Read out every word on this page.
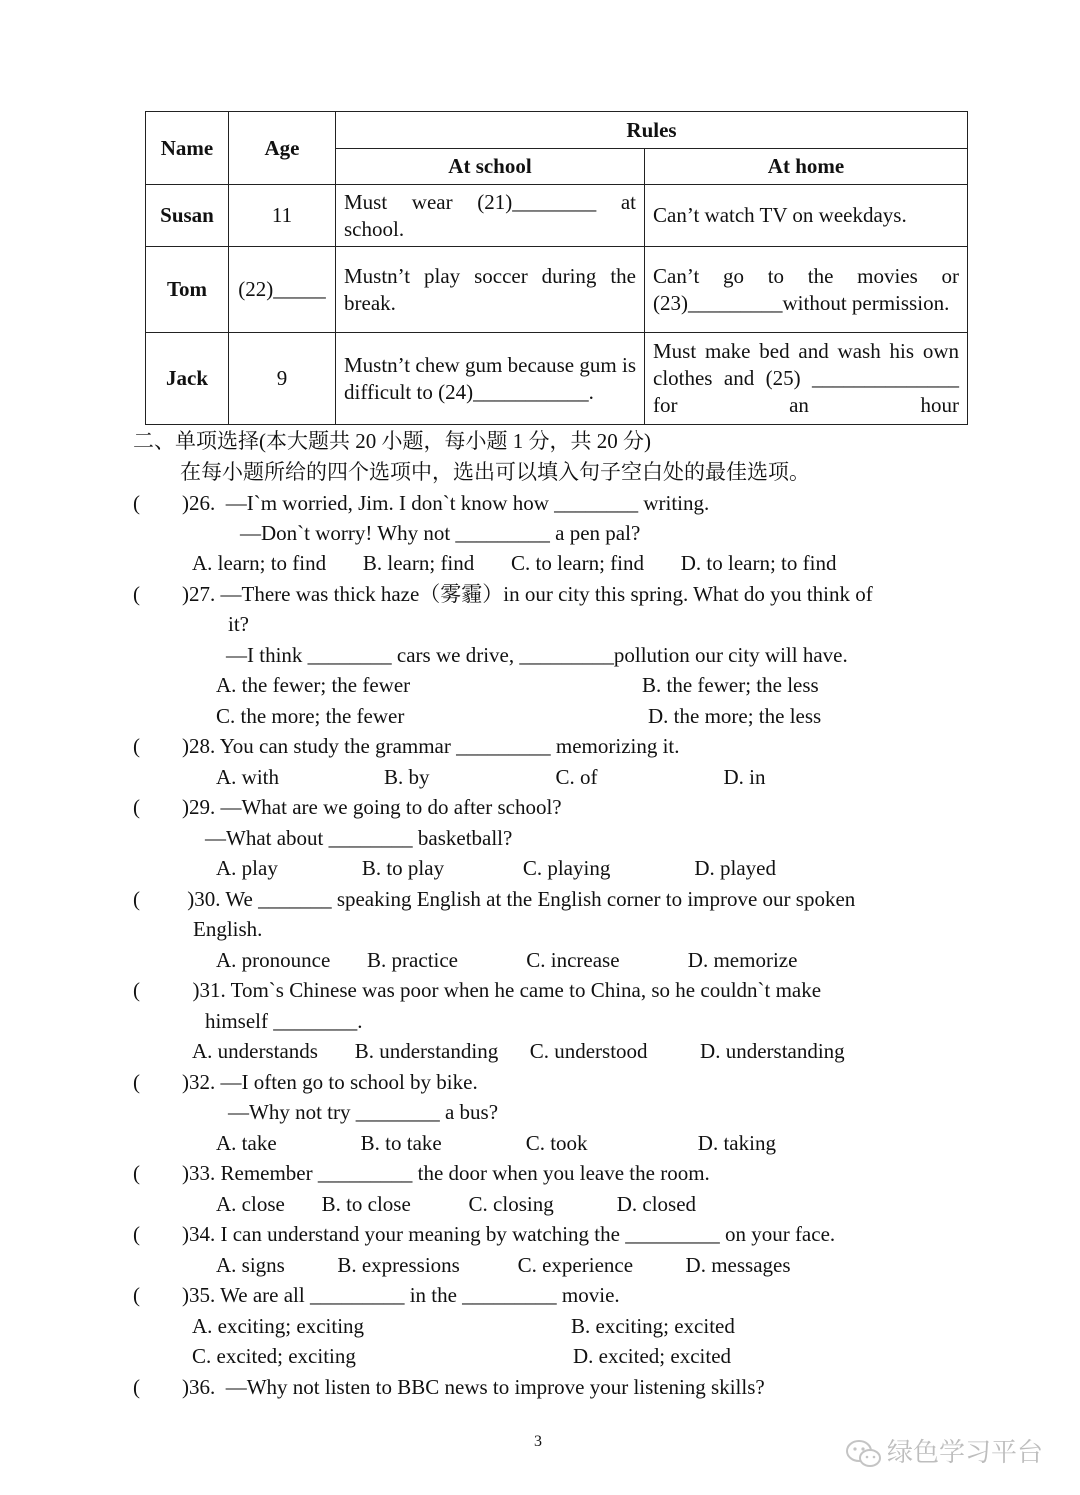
Name	Age	Rules	
		At school	At home
Susan	11	Must wear (21)________ at school.	Can’t watch TV on weekdays.
Tom	(22)_____	Mustn’t play soccer during the break.	Can’t go to the movies or (23)_________without permission.
Jack	9	Mustn’t chew gum because gum is difficult to (24)___________.	Must make bed and wash his own clothes and (25) ______________ for an hour
二、单项选择(本大题共 20 小题，每小题 1 分，共 20 分)
在每小题所给的四个选项中，选出可以填入句子空白处的最佳选项。
(        )26.  —I`m worried, Jim. I don`t know how ________ writing.
—Don`t worry! Why not _________ a pen pal?
A. learn; to find       B. learn; find       C. to learn; find       D. to learn; to find
(        )27. —There was thick haze（雾霾）in our city this spring. What do you think of
it?
—I think ________ cars we drive, _________pollution our city will have.
A. the fewer; the fewer	B. the fewer; the less
C. the more; the fewer	D. the more; the less
(        )28. You can study the grammar _________ memorizing it.
A. with                    B. by                        C. of                        D. in
(        )29. —What are we going to do after school?
—What about ________ basketball?
A. play                B. to play               C. playing                D. played
(         )30. We _______ speaking English at the English corner to improve our spoken
English.
A. pronounce       B. practice             C. increase             D. memorize
(          )31. Tom`s Chinese was poor when he came to China, so he couldn`t make
himself ________.
A. understands       B. understanding      C. understood          D. understanding
(        )32. —I often go to school by bike.
—Why not try ________ a bus?
A. take                B. to take                C. took                     D. taking
(        )33. Remember _________ the door when you leave the room.
A. close       B. to close           C. closing            D. closed
(        )34. I can understand your meaning by watching the _________ on your face.
A. signs          B. expressions           C. experience          D. messages
(        )35. We are all _________ in the _________ movie.
A. exciting; exciting	B. exciting; excited
C. excited; exciting	D. excited; excited
(        )36.  —Why not listen to BBC news to improve your listening skills?
3	绿色学习平台
